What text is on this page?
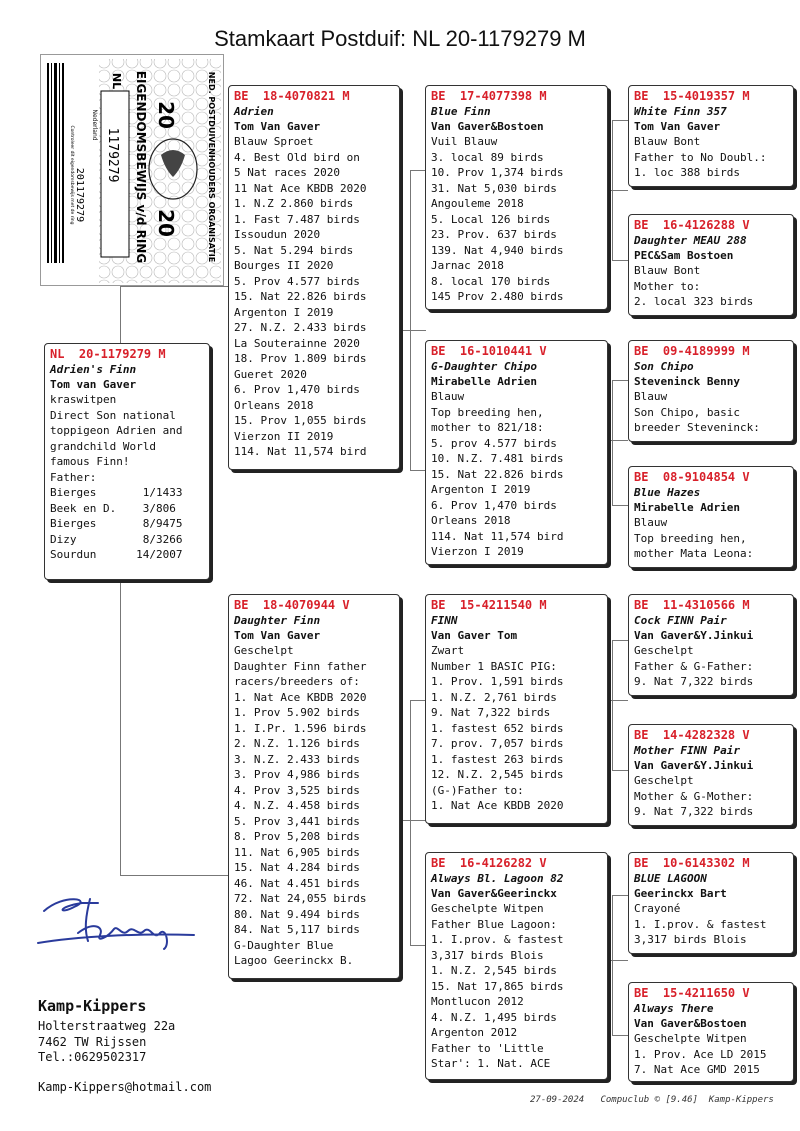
Stamkaart Postduif: NL 20-1179279 M
201179279
Controleer dit eigendomsbewijs met de ring
NL
1179279
Nederland	EIGENDOMSBEWIJS v/d RING	NED. POSTDUIVENHOUDERS ORGANISATIE
20
20
NL  20-1179279 M
Adrien's Finn
Tom van Gaver
kraswitpen
Direct Son national
toppigeon Adrien and
grandchild World
famous Finn!
Father:
Bierges       1/1433
Beek en D.    3/806
Bierges       8/9475
Dizy          8/3266
Sourdun      14/2007
BE  18-4070821 M
Adrien
Tom Van Gaver
Blauw Sproet
4. Best Old bird on
5 Nat races 2020
11 Nat Ace KBDB 2020
1. N.Z 2.860 birds
1. Fast 7.487 birds
Issoudun 2020
5. Nat 5.294 birds
Bourges II 2020
5. Prov 4.577 birds
15. Nat 22.826 birds
Argenton I 2019
27. N.Z. 2.433 birds
La Souterainne 2020
18. Prov 1.809 birds
Gueret 2020
6. Prov 1,470 birds
Orleans 2018
15. Prov 1,055 birds
Vierzon II 2019
114. Nat 11,574 bird
BE  18-4070944 V
Daughter Finn
Tom Van Gaver
Geschelpt
Daughter Finn father
racers/breeders of:
1. Nat Ace KBDB 2020
1. Prov 5.902 birds
1. I.Pr. 1.596 birds
2. N.Z. 1.126 birds
3. N.Z. 2.433 birds
3. Prov 4,986 birds
4. Prov 3,525 birds
4. N.Z. 4.458 birds
5. Prov 3,441 birds
8. Prov 5,208 birds
11. Nat 6,905 birds
15. Nat 4.284 birds
46. Nat 4.451 birds
72. Nat 24,055 birds
80. Nat 9.494 birds
84. Nat 5,117 birds
G-Daughter Blue
Lagoo Geerinckx B.
BE  17-4077398 M
Blue Finn
Van Gaver&Bostoen
Vuil Blauw
3. local 89 birds
10. Prov 1,374 birds
31. Nat 5,030 birds
Angouleme 2018
5. Local 126 birds
23. Prov. 637 birds
139. Nat 4,940 birds
Jarnac 2018
8. local 170 birds
145 Prov 2.480 birds
BE  16-1010441 V
G-Daughter Chipo
Mirabelle Adrien
Blauw
Top breeding hen,
mother to 821/18:
5. prov 4.577 birds
10. N.Z. 7.481 birds
15. Nat 22.826 birds
Argenton I 2019
6. Prov 1,470 birds
Orleans 2018
114. Nat 11,574 bird
Vierzon I 2019
BE  15-4211540 M
FINN
Van Gaver Tom
Zwart
Number 1 BASIC PIG:
1. Prov. 1,591 birds
1. N.Z. 2,761 birds
9. Nat 7,322 birds
1. fastest 652 birds
7. prov. 7,057 birds
1. fastest 263 birds
12. N.Z. 2,545 birds
(G-)Father to:
1. Nat Ace KBDB 2020
BE  16-4126282 V
Always Bl. Lagoon 82
Van Gaver&Geerinckx
Geschelpte Witpen
Father Blue Lagoon:
1. I.prov. & fastest
3,317 birds Blois
1. N.Z. 2,545 birds
15. Nat 17,865 birds
Montlucon 2012
4. N.Z. 1,495 birds
Argenton 2012
Father to 'Little
Star': 1. Nat. ACE
BE  15-4019357 M
White Finn 357
Tom Van Gaver
Blauw Bont
Father to No Doubl.:
1. loc 388 birds
BE  16-4126288 V
Daughter MEAU 288
PEC&Sam Bostoen
Blauw Bont
Mother to:
2. local 323 birds
BE  09-4189999 M
Son Chipo
Steveninck Benny
Blauw
Son Chipo, basic
breeder Steveninck:
BE  08-9104854 V
Blue Hazes
Mirabelle Adrien
Blauw
Top breeding hen,
mother Mata Leona:
BE  11-4310566 M
Cock FINN Pair
Van Gaver&Y.Jinkui
Geschelpt
Father & G-Father:
9. Nat 7,322 birds
BE  14-4282328 V
Mother FINN Pair
Van Gaver&Y.Jinkui
Geschelpt
Mother & G-Mother:
9. Nat 7,322 birds
BE  10-6143302 M
BLUE LAGOON
Geerinckx Bart
Crayoné
1. I.prov. & fastest
3,317 birds Blois
BE  15-4211650 V
Always There
Van Gaver&Bostoen
Geschelpte Witpen
1. Prov. Ace LD 2015
7. Nat Ace GMD 2015
Kamp-Kippers
Holterstraatweg 22a
7462 TW Rijssen
Tel.:0629502317
Kamp-Kippers@hotmail.com
27-09-2024   Compuclub © [9.46]  Kamp-Kippers
